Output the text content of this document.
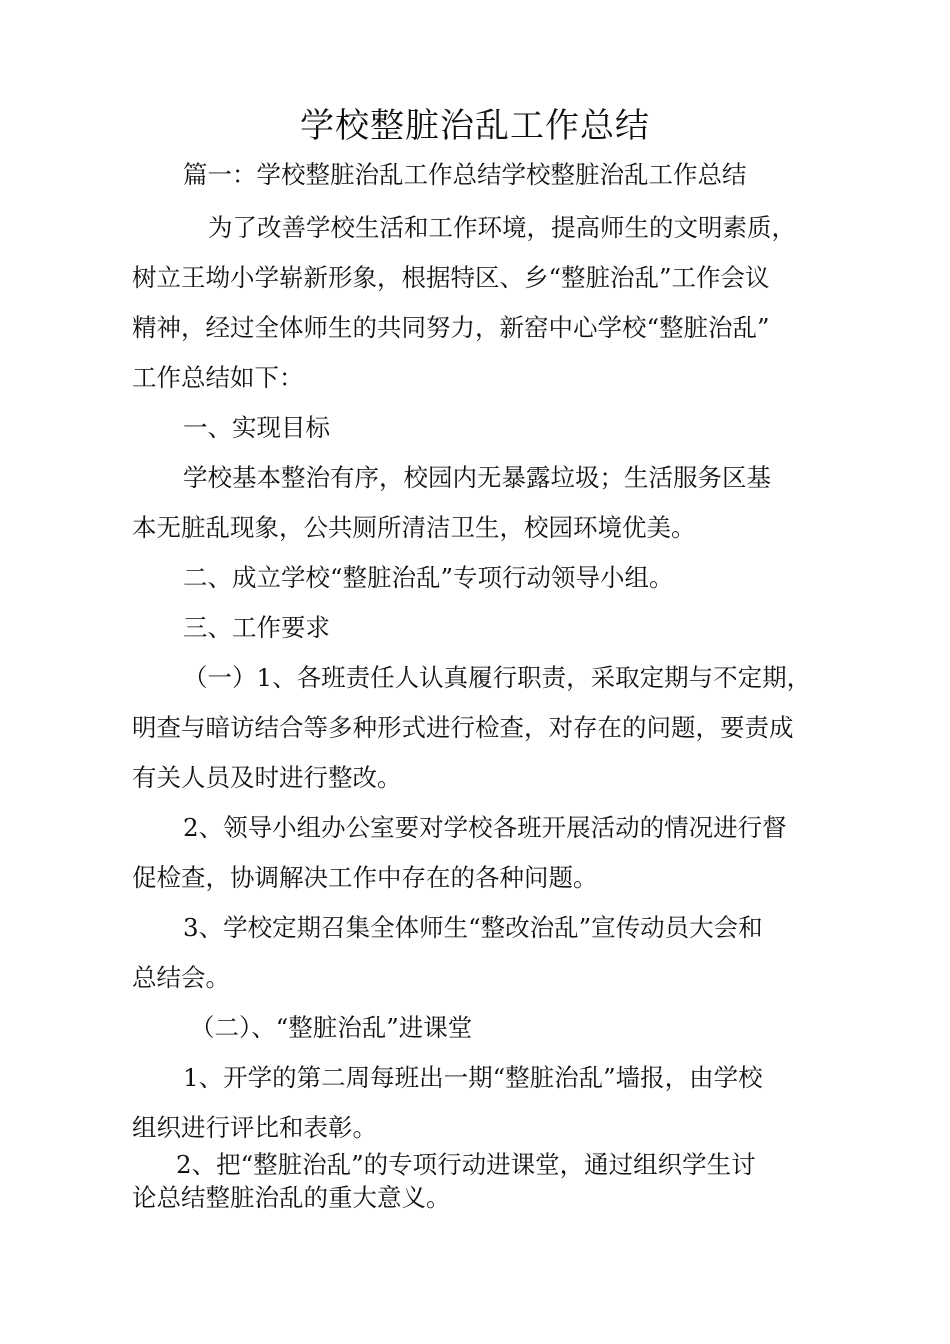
学校整脏治乱工作总结

篇一：学校整脏治乱工作总结学校整脏治乱工作总结

为了改善学校生活和工作环境，提高师生的文明素质，

树立王坳小学崭新形象，根据特区、乡“整脏治乱”工作会议

精神，经过全体师生的共同努力，新窑中心学校“整脏治乱”

工作总结如下：

一、实现目标

学校基本整治有序，校园内无暴露垃圾；生活服务区基

本无脏乱现象，公共厕所清洁卫生，校园环境优美。

二、成立学校“整脏治乱”专项行动领导小组。

三、工作要求

（一）1、各班责任人认真履行职责，采取定期与不定期，

明查与暗访结合等多种形式进行检查，对存在的问题，要责成

有关人员及时进行整改。

2、领导小组办公室要对学校各班开展活动的情况进行督

促检查，协调解决工作中存在的各种问题。

3、学校定期召集全体师生“整改治乱”宣传动员大会和

总结会。

（二）、“整脏治乱”进课堂

1、开学的第二周每班出一期“整脏治乱”墙报，由学校

组织进行评比和表彰。

2、把“整脏治乱”的专项行动进课堂，通过组织学生讨

论总结整脏治乱的重大意义。
